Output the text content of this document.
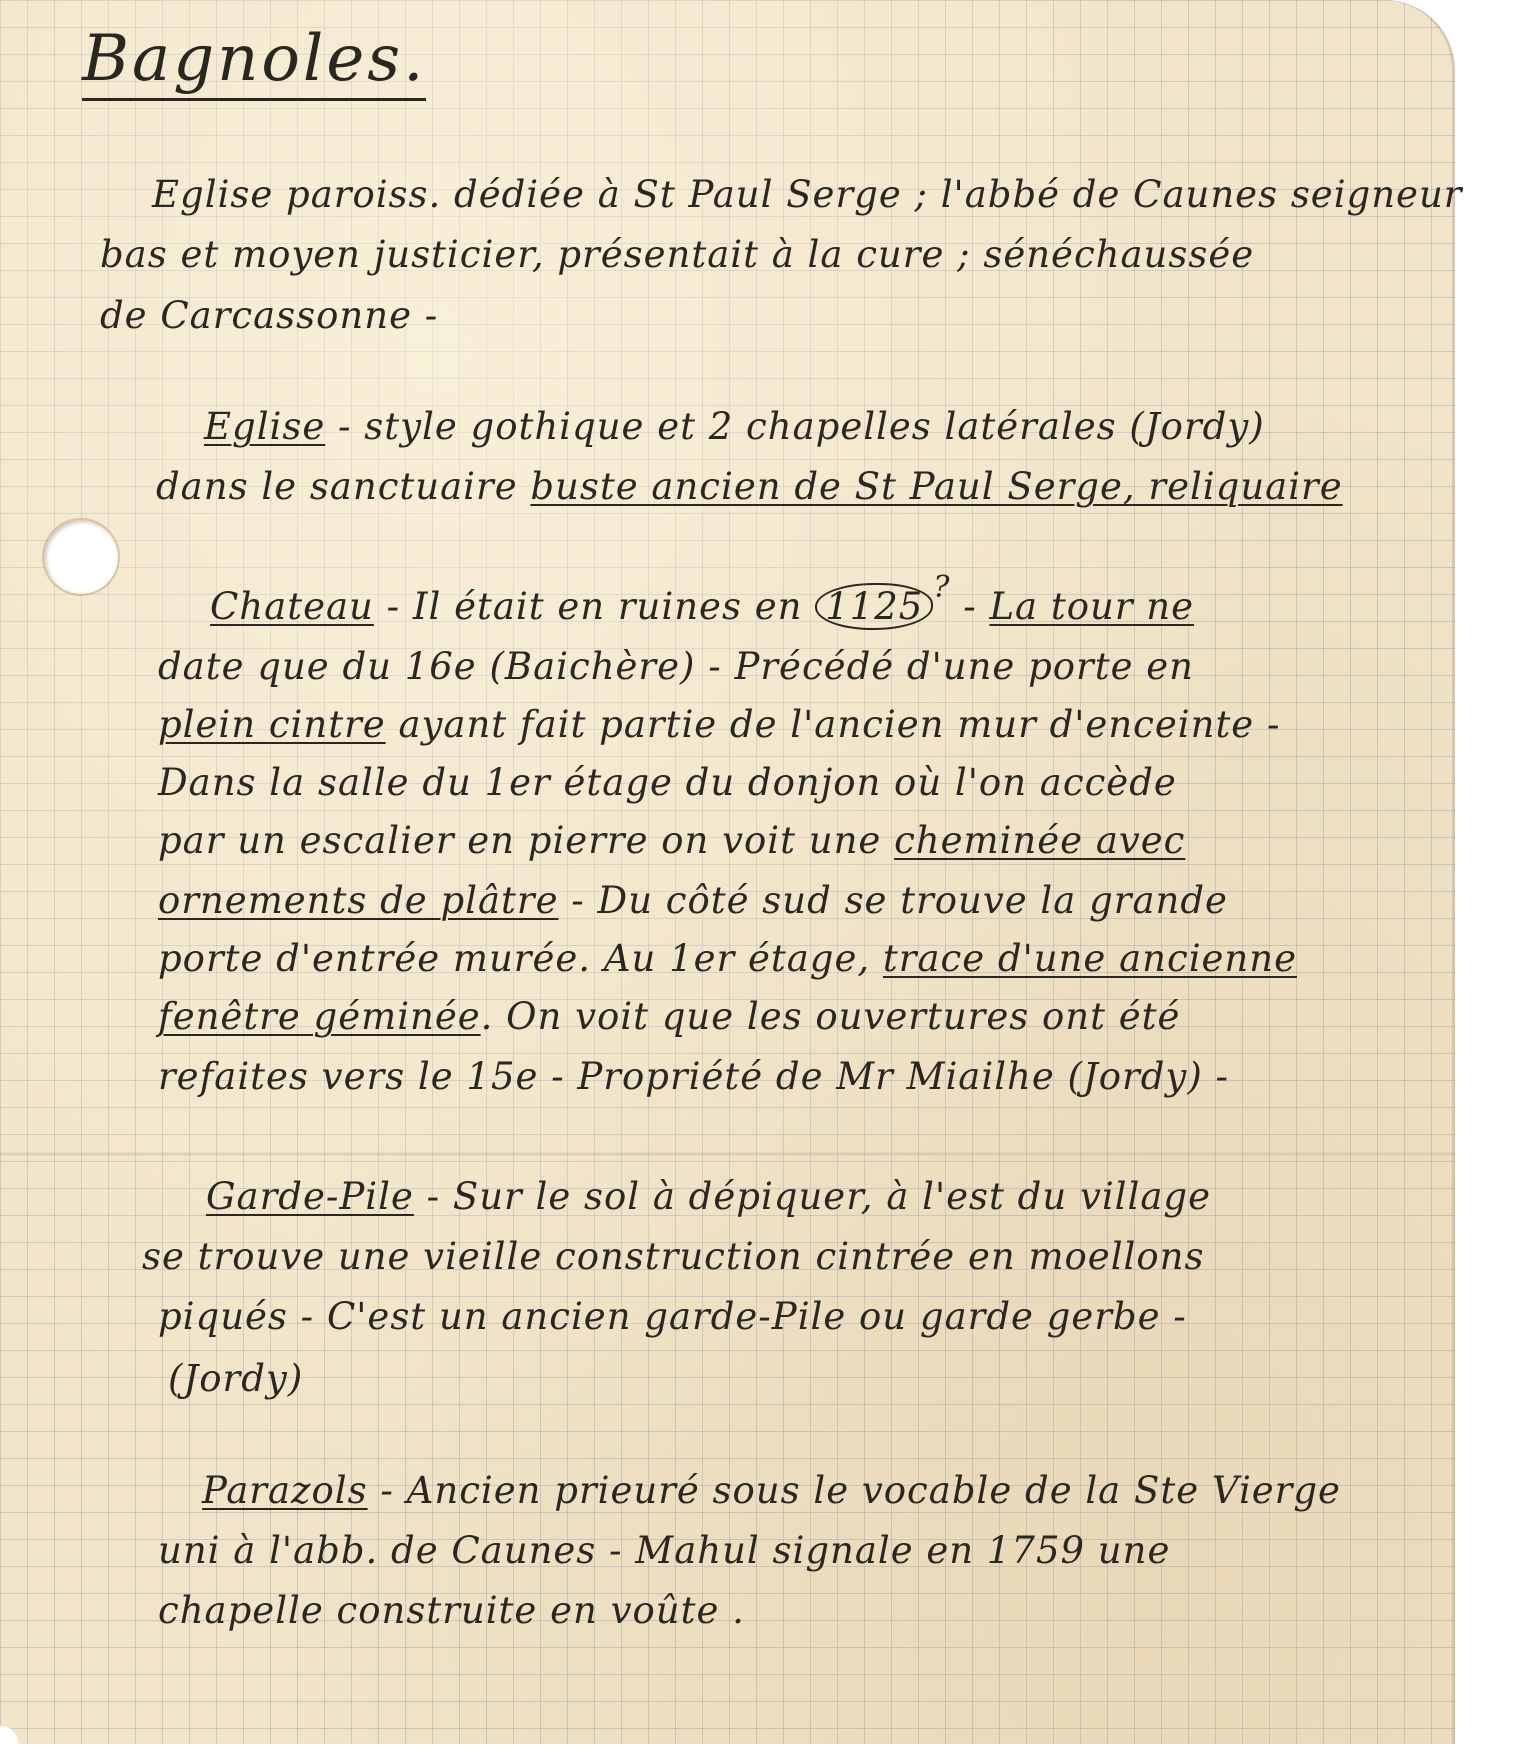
Bagnoles.
Eglise paroiss. dédiée à St Paul Serge ; l'abbé de Caunes seigneur
bas et moyen justicier, présentait à la cure ; sénéchaussée
de Carcassonne -
Eglise - style gothique et 2 chapelles latérales (Jordy)
dans le sanctuaire buste ancien de St Paul Serge, reliquaire
Chateau - Il était en ruines en 1125 ? - La tour ne
date que du 16e (Baichère) - Précédé d'une porte en
plein cintre ayant fait partie de l'ancien mur d'enceinte -
Dans la salle du 1er étage du donjon où l'on accède
par un escalier en pierre on voit une cheminée avec
ornements de plâtre - Du côté sud se trouve la grande
porte d'entrée murée. Au 1er étage, trace d'une ancienne
fenêtre géminée. On voit que les ouvertures ont été
refaites vers le 15e - Propriété de Mr Miailhe (Jordy) -
Garde-Pile - Sur le sol à dépiquer, à l'est du village
se trouve une vieille construction cintrée en moellons
piqués - C'est un ancien garde-Pile ou garde gerbe -
(Jordy)
Parazols - Ancien prieuré sous le vocable de la Ste Vierge
uni à l'abb. de Caunes - Mahul signale en 1759 une
chapelle construite en voûte .
